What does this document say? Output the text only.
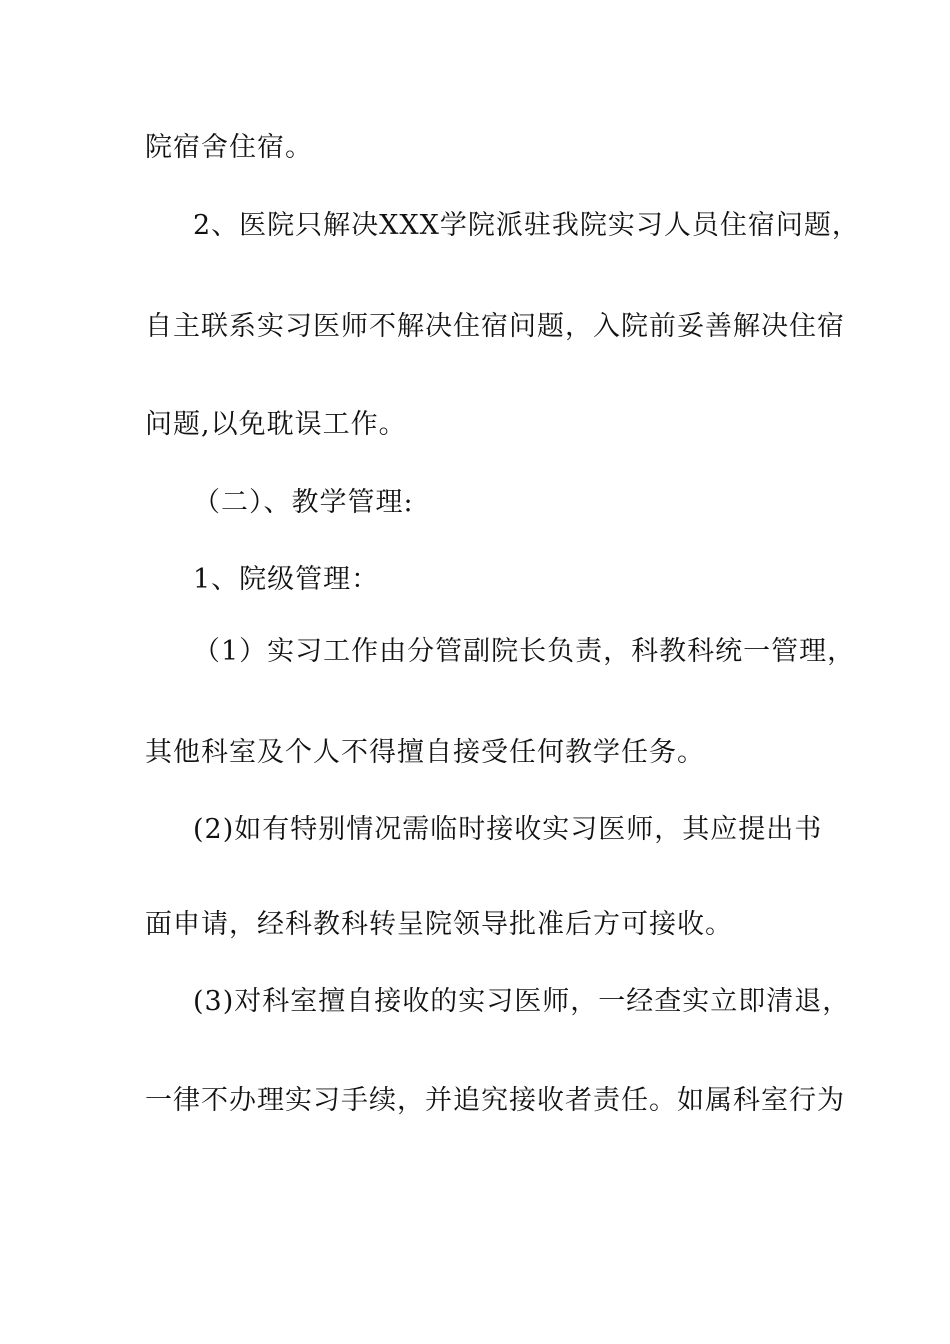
院宿舍住宿。
2、医院只解决XXX学院派驻我院实习人员住宿问题，
自主联系实习医师不解决住宿问题，入院前妥善解决住宿
问题,以免耽误工作。
（二）、教学管理:
1、院级管理：
（1）实习工作由分管副院长负责，科教科统一管理，
其他科室及个人不得擅自接受任何教学任务。
(2)如有特别情况需临时接收实习医师，其应提出书
面申请，经科教科转呈院领导批准后方可接收。
(3)对科室擅自接收的实习医师，一经查实立即清退，
一律不办理实习手续，并追究接收者责任。如属科室行为
